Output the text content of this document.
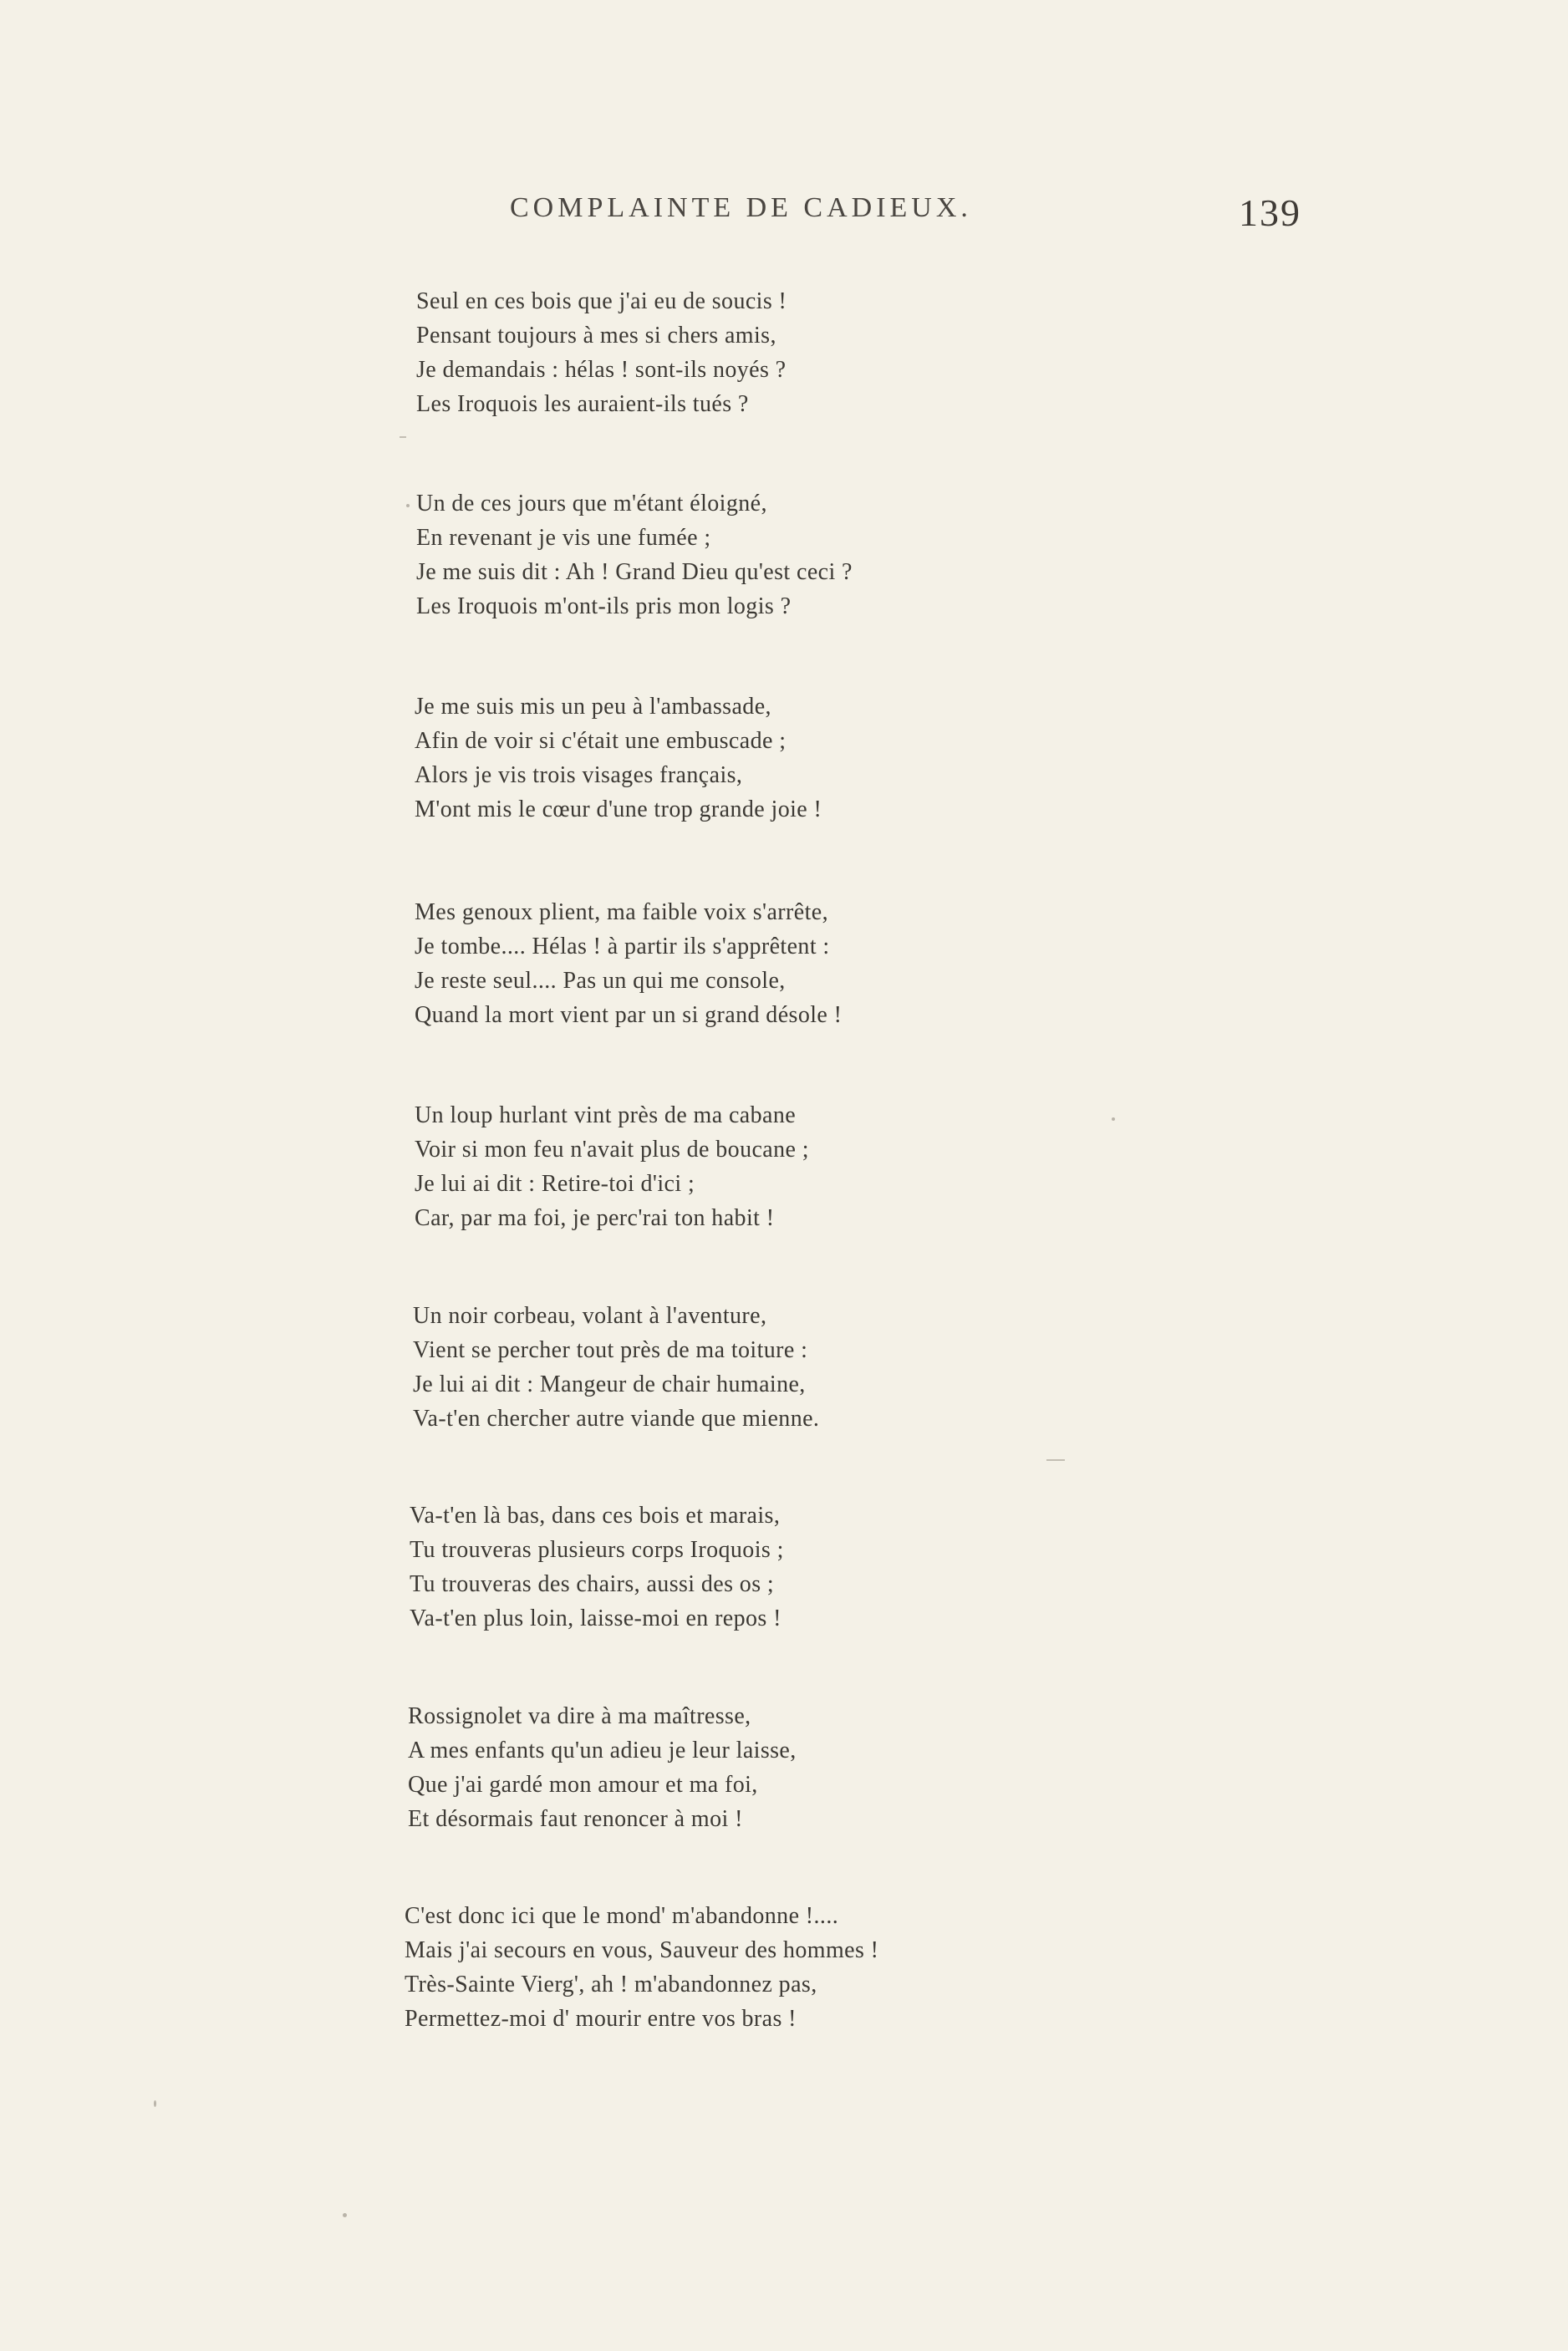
COMPLAINTE DE CADIEUX.	139
Seul en ces bois que j'ai eu de soucis !
Pensant toujours à mes si chers amis,
Je demandais : hélas ! sont-ils noyés ?
Les Iroquois les auraient-ils tués ?
Un de ces jours que m'étant éloigné,
En revenant je vis une fumée ;
Je me suis dit : Ah ! Grand Dieu qu'est ceci ?
Les Iroquois m'ont-ils pris mon logis ?
Je me suis mis un peu à l'ambassade,
Afin de voir si c'était une embuscade ;
Alors je vis trois visages français,
M'ont mis le cœur d'une trop grande joie !
Mes genoux plient, ma faible voix s'arrête,
Je tombe.... Hélas ! à partir ils s'apprêtent :
Je reste seul.... Pas un qui me console,
Quand la mort vient par un si grand désole !
Un loup hurlant vint près de ma cabane
Voir si mon feu n'avait plus de boucane ;
Je lui ai dit : Retire-toi d'ici ;
Car, par ma foi, je perc'rai ton habit !
Un noir corbeau, volant à l'aventure,
Vient se percher tout près de ma toiture :
Je lui ai dit : Mangeur de chair humaine,
Va-t'en chercher autre viande que mienne.
Va-t'en là bas, dans ces bois et marais,
Tu trouveras plusieurs corps Iroquois ;
Tu trouveras des chairs, aussi des os ;
Va-t'en plus loin, laisse-moi en repos !
Rossignolet va dire à ma maîtresse,
A mes enfants qu'un adieu je leur laisse,
Que j'ai gardé mon amour et ma foi,
Et désormais faut renoncer à moi !
C'est donc ici que le mond' m'abandonne !....
Mais j'ai secours en vous, Sauveur des hommes !
Très-Sainte Vierg', ah ! m'abandonnez pas,
Permettez-moi d' mourir entre vos bras !
